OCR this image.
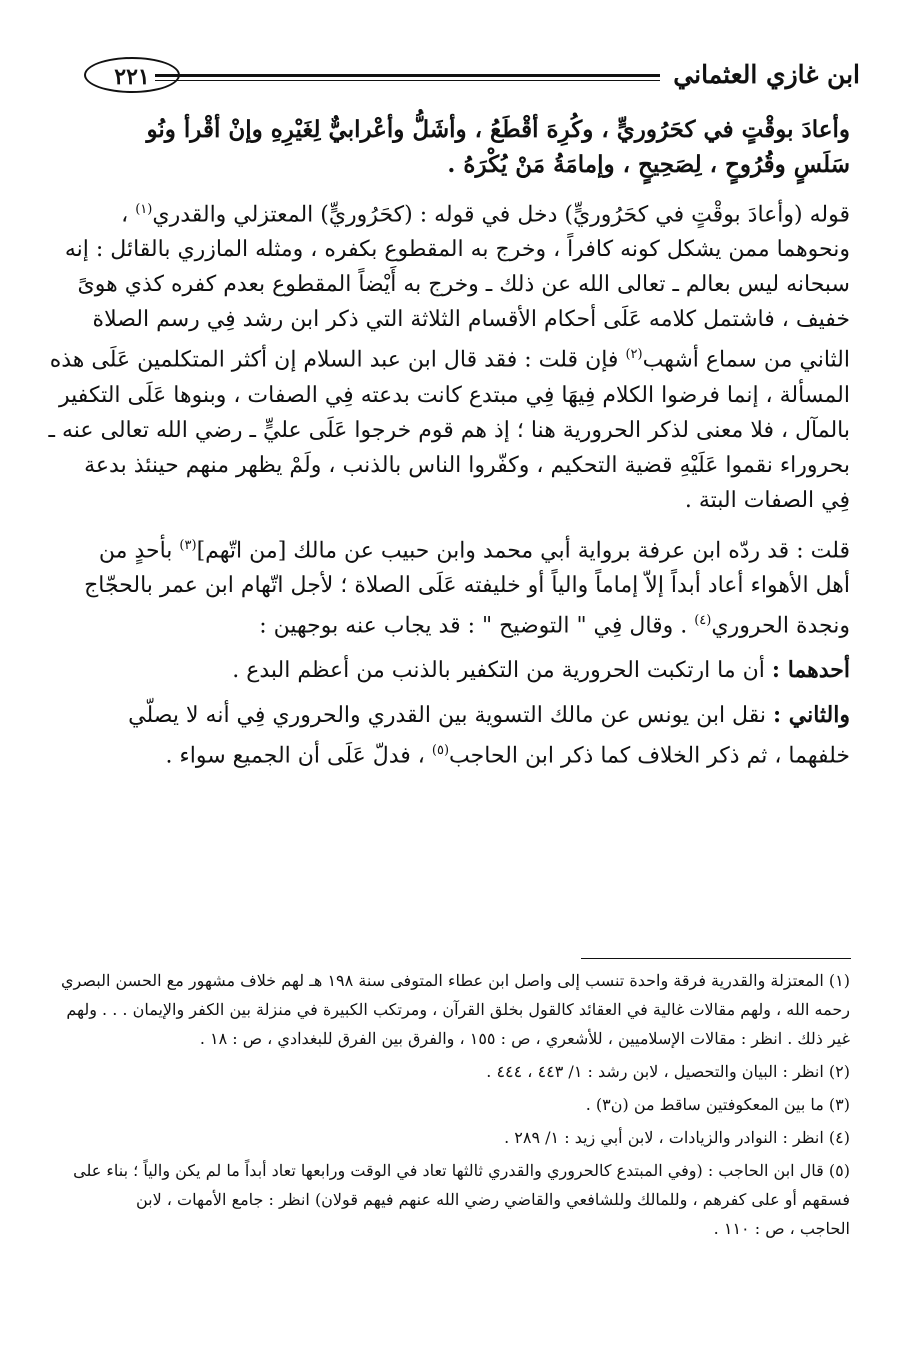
٢٢١	ابن غازي العثماني
وأعادَ بوقْتٍ في كحَرُوريٍّ ، وكُرِهَ أقْطَعُ ، وأشَلُّ وأعْرابيٌّ لِغَيْرِهِ وإنْ أقْرأ ونُو
سَلَسٍ وقُرُوحٍ ، لِصَحِيحٍ ، وإمامَةُ مَنْ يُكْرَهُ .
قوله (وأعادَ بوقْتٍ في كحَرُوريٍّ) دخل في قوله : (كحَرُوريٍّ) المعتزلي والقدري$^{(١)}$ ،
ونحوهما ممن يشكل كونه كافراً ، وخرج به المقطوع بكفره ، ومثله المازري بالقائل : إنه
سبحانه ليس بعالم ـ تعالى الله عن ذلك ـ وخرج به أَيْضاً المقطوع بعدم كفره كذي هوىً
خفيف ، فاشتمل كلامه عَلَى أحكام الأقسام الثلاثة التي ذكر ابن رشد فِي رسم الصلاة
الثاني من سماع أشهب$^{(٢)}$ فإن قلت : فقد قال ابن عبد السلام إن أكثر المتكلمين عَلَى هذه
المسألة ، إنما فرضوا الكلام فِيهَا فِي مبتدع كانت بدعته فِي الصفات ، وبنوها عَلَى التكفير
بالمآل ، فلا معنى لذكر الحرورية هنا ؛ إذ هم قوم خرجوا عَلَى عليٍّ ـ رضي الله تعالى عنه ـ
بحروراء نقموا عَلَيْهِ قضية التحكيم ، وكفّروا الناس بالذنب ، ولَمْ يظهر منهم حينئذ بدعة
فِي الصفات البتة .
قلت : قد ردّه ابن عرفة برواية أبي محمد وابن حبيب عن مالك [من اتّهم]$^{(٣)}$ بأحدٍ من
أهل الأهواء أعاد أبداً إلاّ إماماً والياً أو خليفته عَلَى الصلاة ؛ لأجل اتّهام ابن عمر بالحجّاج
ونجدة الحروري$^{(٤)}$ . وقال فِي " التوضيح " : قد يجاب عنه بوجهين :
أحدهما : أن ما ارتكبت الحرورية من التكفير بالذنب من أعظم البدع .
والثاني : نقل ابن يونس عن مالك التسوية بين القدري والحروري فِي أنه لا يصلّي
خلفهما ، ثم ذكر الخلاف كما ذكر ابن الحاجب$^{(٥)}$ ، فدلّ عَلَى أن الجميع سواء .
(١) المعتزلة والقدرية فرقة واحدة تنسب إلى واصل ابن عطاء المتوفى سنة ١٩٨ هـ لهم خلاف مشهور مع الحسن البصري
رحمه الله ، ولهم مقالات غالية في العقائد كالقول بخلق القرآن ، ومرتكب الكبيرة في منزلة بين الكفر والإيمان . . . ولهم
غير ذلك . انظر : مقالات الإسلاميين ، للأشعري ، ص : ١٥٥ ، والفرق بين الفرق للبغدادي ، ص : ١٨ .
(٢) انظر : البيان والتحصيل ، لابن رشد : ١/ ٤٤٣ ، ٤٤٤ .
(٣) ما بين المعكوفتين ساقط من (ن٣) .
(٤) انظر : النوادر والزيادات ، لابن أبي زيد : ١/ ٢٨٩ .
(٥) قال ابن الحاجب : (وفي المبتدع كالحروري والقدري ثالثها تعاد في الوقت ورابعها تعاد أبداً ما لم يكن والياً ؛ بناء على
فسقهم أو على كفرهم ، وللمالك وللشافعي والقاضي رضي الله عنهم فيهم قولان) انظر : جامع الأمهات ، لابن
الحاجب ، ص : ١١٠ .
